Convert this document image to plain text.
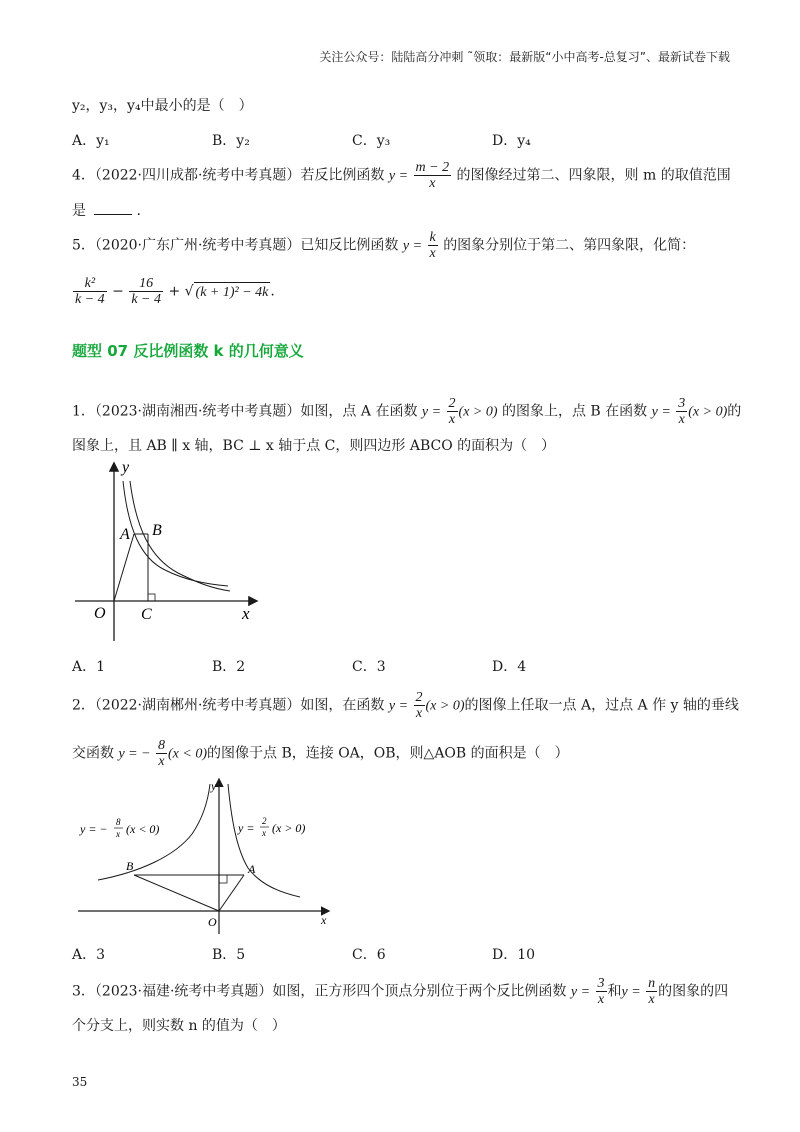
关注公众号：陆陆高分冲刺 ˜领取：最新版“小中高考-总复习”、最新试卷下载
y₂，y₃，y₄中最小的是（　）
A．y₁	B．y₂	C．y₃	D．y₄
4．（2022·四川成都·统考中考真题）若反比例函数 $y = \frac{m - 2}{x}$ 的图像经过第二、四象限，则 m 的取值范围
是	.
5．（2020·广东广州·统考中考真题）已知反比例函数 $y = \frac{k}{x}$ 的图象分别位于第二、第四象限，化简：
$\frac{\text{k²}}{k - 4} - \frac{16}{k - 4}$ + √ (k + 1)² − 4k .
题型 07 反比例函数 k 的几何意义
1．（2023·湖南湘西·统考中考真题）如图，点 A 在函数 $y = \frac{2}{x} (x > 0)$ 的图象上，点 B 在函数 $y = \frac{3}{x} (x > 0)$的
图象上，且 AB ∥ x 轴，BC ⊥ x 轴于点 C，则四边形 ABCO 的面积为（　）
y
x
O
A B
C
A．1	B．2	C．3	D．4
2．（2022·湖南郴州·统考中考真题）如图，在函数 $y = \frac{2}{x} (x > 0)$的图像上任取一点 A，过点 A 作 y 轴的垂线
交函数 y = − $\frac{8}{x} (x < 0)$的图像于点 B，连接 OA，OB，则△AOB 的面积是（　）
y = − 8
x (x < 0)	y = 2
x (x > 0)
y
x
O
A
B
A．3	B．5	C．6	D．10
3．（2023·福建·统考中考真题）如图，正方形四个顶点分别位于两个反比例函数 $y = \frac{3}{x}$ 和$y = \frac{n}{x}$ 的图象的四
个分支上，则实数 n 的值为（　）
35
